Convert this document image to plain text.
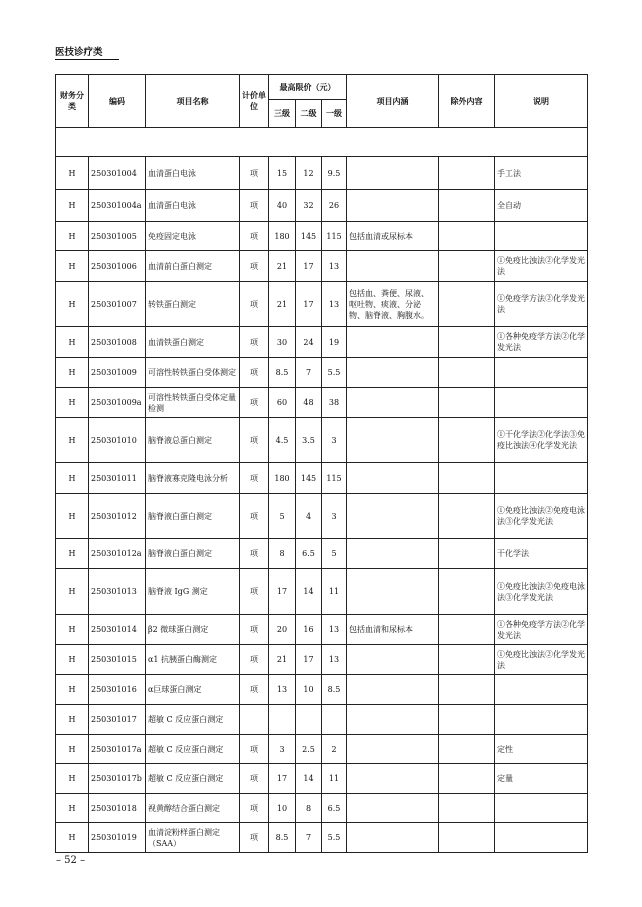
医技诊疗类
财务分类	编码	项目名称	计价单位	最高限价（元）			项目内涵	除外内容	说明
				三级	二级	一级			

H	250301004	血清蛋白电泳	项	15	12	9.5			手工法
H	250301004a	血清蛋白电泳	项	40	32	26			全自动
H	250301005	免疫固定电泳	项	180	145	115	包括血清或尿标本		
H	250301006	血清前白蛋白测定	项	21	17	13			①免疫比浊法②化学发光法
H	250301007	转铁蛋白测定	项	21	17	13	包括血、粪便、尿液、呕吐物、痰液、分泌物、脑脊液、胸腹水。		①免疫学方法②化学发光法
H	250301008	血清铁蛋白测定	项	30	24	19			①各种免疫学方法②化学发光法
H	250301009	可溶性转铁蛋白受体测定	项	8.5	7	5.5			
H	250301009a	可溶性转铁蛋白受体定量检测	项	60	48	38			
H	250301010	脑脊液总蛋白测定	项	4.5	3.5	3			①干化学法②化学法③免疫比浊法④化学发光法
H	250301011	脑脊液寡克隆电泳分析	项	180	145	115			
H	250301012	脑脊液白蛋白测定	项	5	4	3			①免疫比浊法②免疫电泳法③化学发光法
H	250301012a	脑脊液白蛋白测定	项	8	6.5	5			干化学法
H	250301013	脑脊液 IgG 测定	项	17	14	11			①免疫比浊法②免疫电泳法③化学发光法
H	250301014	β2 微球蛋白测定	项	20	16	13	包括血清和尿标本		①各种免疫学方法②化学发光法
H	250301015	α1 抗胰蛋白酶测定	项	21	17	13			①免疫比浊法②化学发光法
H	250301016	α巨球蛋白测定	项	13	10	8.5			
H	250301017	超敏 C 反应蛋白测定							
H	250301017a	超敏 C 反应蛋白测定	项	3	2.5	2			定性
H	250301017b	超敏 C 反应蛋白测定	项	17	14	11			定量
H	250301018	视黄醇结合蛋白测定	项	10	8	6.5			
H	250301019	血清淀粉样蛋白测定（SAA）	项	8.5	7	5.5			
– 52 –
